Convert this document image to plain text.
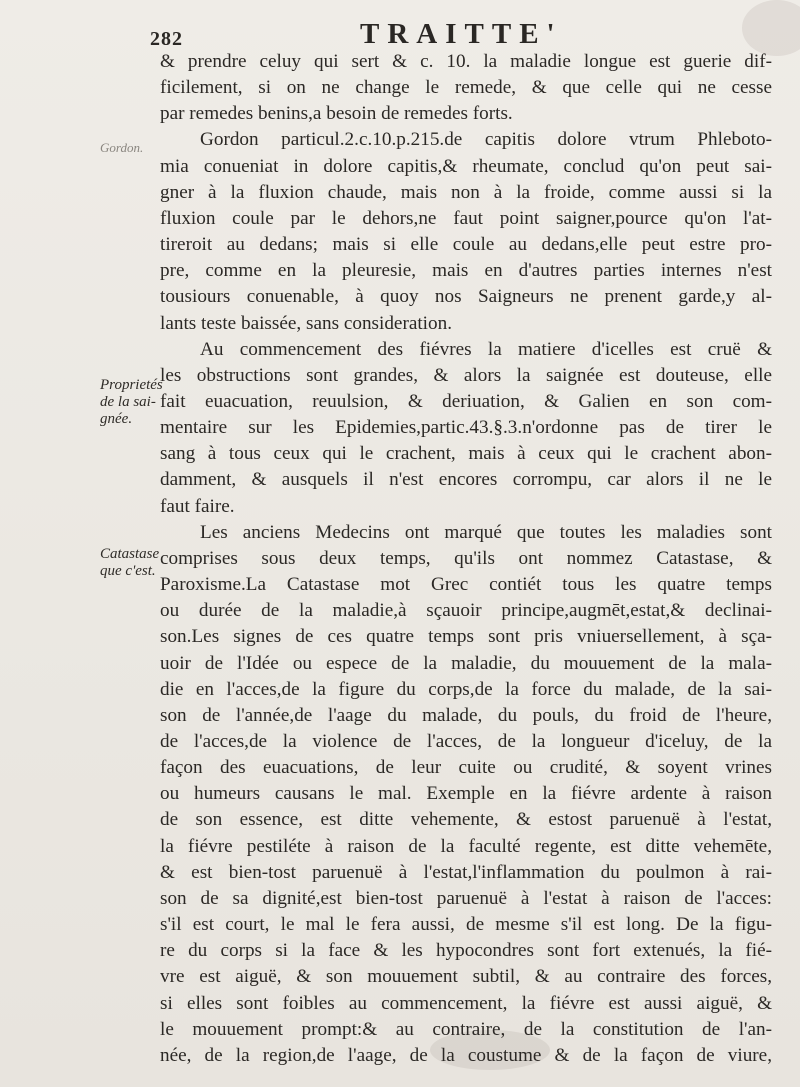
282	TRAITTE'
Gordon.
Proprietés de la sai-gnée.
Catastase que c'est.
& prendre celuy qui sert & c. 10. la maladie longue est guerie dif-
ficilement, si on ne change le remede, & que celle qui ne cesse
par remedes benins,a besoin de remedes forts.
Gordon particul.2.c.10.p.215.de capitis dolore vtrum Phleboto-
mia conueniat in dolore capitis,& rheumate, conclud qu'on peut sai-
gner à la fluxion chaude, mais non à la froide, comme aussi si la
fluxion coule par le dehors,ne faut point saigner,pource qu'on l'at-
tireroit au dedans; mais si elle coule au dedans,elle peut estre pro-
pre, comme en la pleuresie, mais en d'autres parties internes n'est
tousiours conuenable, à quoy nos Saigneurs ne prenent garde,y al-
lants teste baissée, sans consideration.
Au commencement des fiévres la matiere d'icelles est cruë &
les obstructions sont grandes, & alors la saignée est douteuse, elle
fait euacuation, reuulsion, & deriuation, & Galien en son com-
mentaire sur les Epidemies,partic.43.§.3.n'ordonne pas de tirer le
sang à tous ceux qui le crachent, mais à ceux qui le crachent abon-
damment, & ausquels il n'est encores corrompu, car alors il ne le
faut faire.
Les anciens Medecins ont marqué que toutes les maladies sont
comprises sous deux temps, qu'ils ont nommez Catastase, &
Paroxisme.La Catastase mot Grec contiét tous les quatre temps
ou durée de la maladie,à sçauoir principe,augmēt,estat,& declinai-
son.Les signes de ces quatre temps sont pris vniuersellement, à sça-
uoir de l'Idée ou espece de la maladie, du mouuement de la mala-
die en l'acces,de la figure du corps,de la force du malade, de la sai-
son de l'année,de l'aage du malade, du pouls, du froid de l'heure,
de l'acces,de la violence de l'acces, de la longueur d'iceluy, de la
façon des euacuations, de leur cuite ou crudité, & soyent vrines
ou humeurs causans le mal. Exemple en la fiévre ardente à raison
de son essence, est ditte vehemente, & estost paruenuë à l'estat,
la fiévre pestiléte à raison de la faculté regente, est ditte vehemēte,
& est bien-tost paruenuë à l'estat,l'inflammation du poulmon à rai-
son de sa dignité,est bien-tost paruenuë à l'estat à raison de l'acces:
s'il est court, le mal le fera aussi, de mesme s'il est long. De la figu-
re du corps si la face & les hypocondres sont fort extenués, la fié-
vre est aiguë, & son mouuement subtil, & au contraire des forces,
si elles sont foibles au commencement, la fiévre est aussi aiguë, &
le mouuement prompt:& au contraire, de la constitution de l'an-
née, de la region,de l'aage, de la coustume & de la façon de viure,
